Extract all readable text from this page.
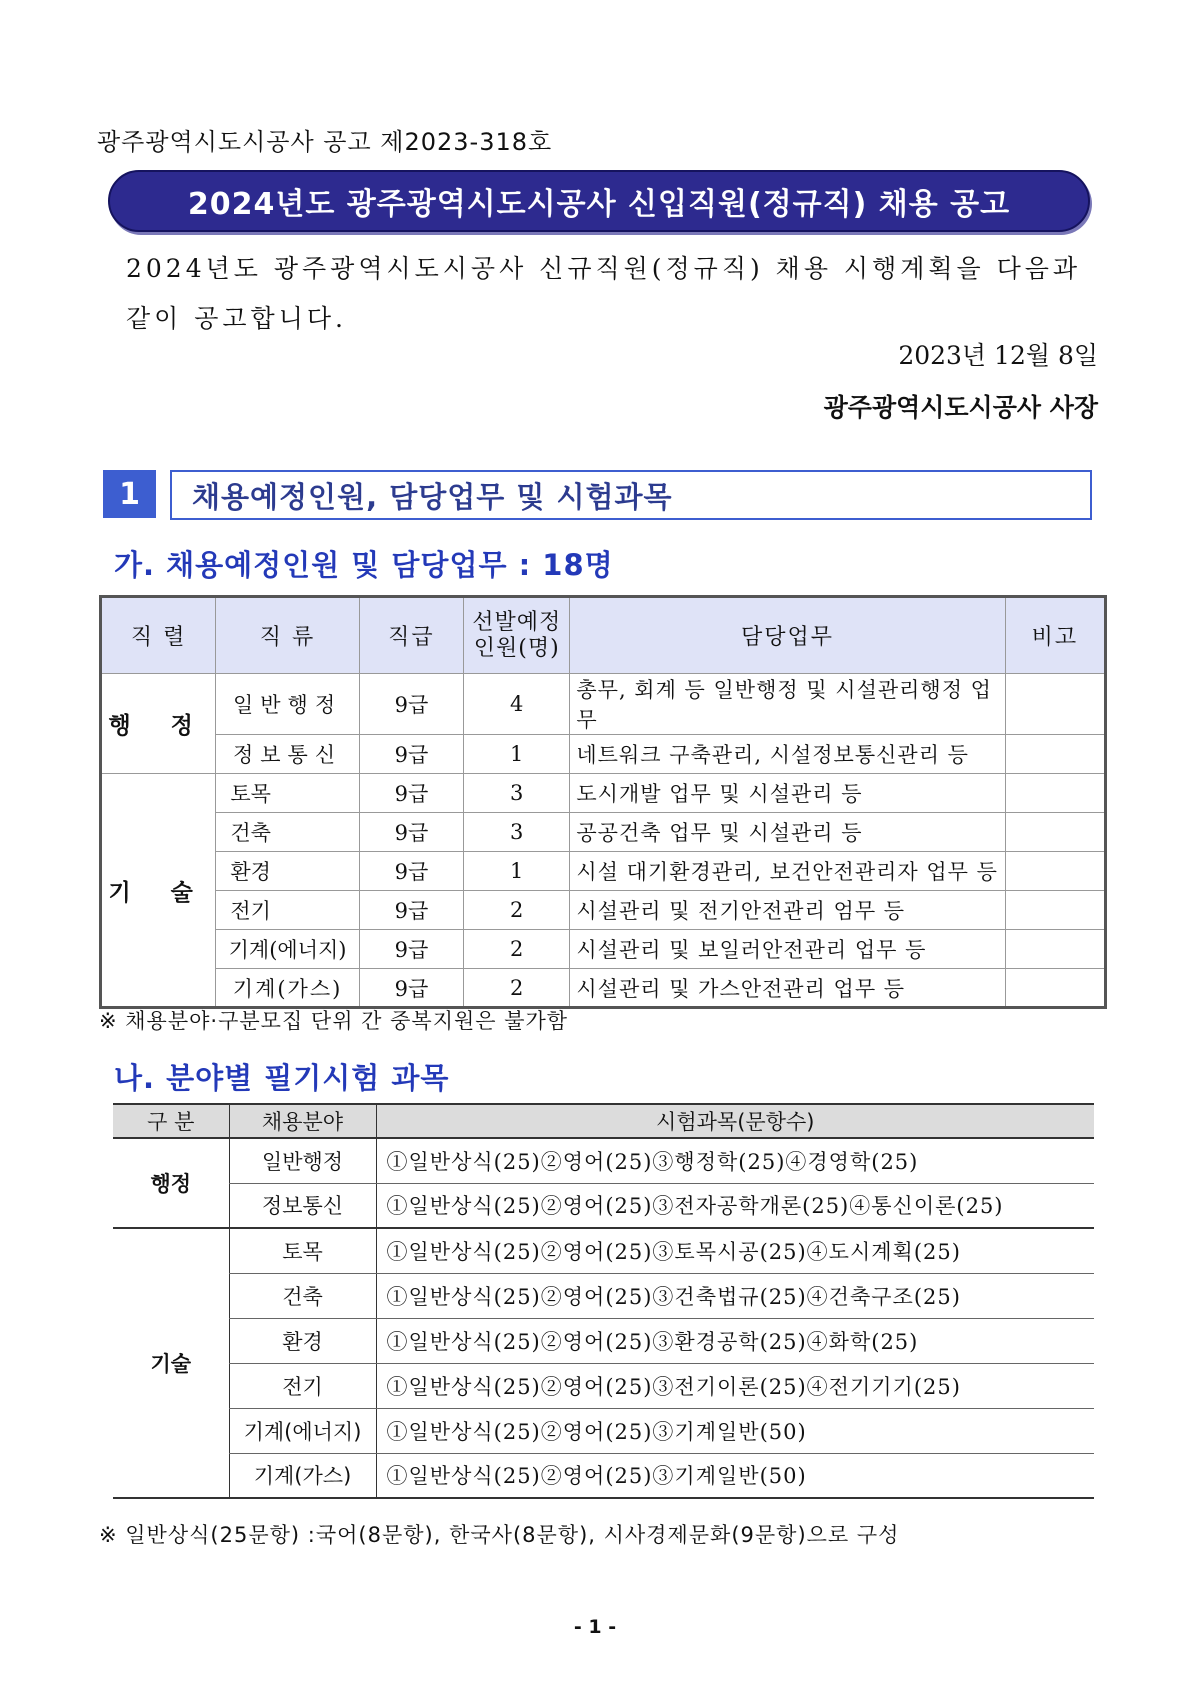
광주광역시도시공사 공고 제2023-318호
2024년도 광주광역시도시공사 신입직원(정규직) 채용 공고
2024년도 광주광역시도시공사 신규직원(정규직) 채용 시행계획을 다음과 같이 공고합니다.
2023년 12월 8일
광주광역시도시공사 사장
1	채용예정인원, 담당업무 및 시험과목
가. 채용예정인원 및 담당업무 : 18명
직 렬	직 류	직급	선발예정 인원(명)	담당업무	비고
행 정	일반행정	9급	4	총무, 회계 등 일반행정 및 시설관리행정 업무	
	정보통신	9급	1	네트워크 구축관리, 시설정보통신관리 등	
기 술	토목	9급	3	도시개발 업무 및 시설관리 등	
	건축	9급	3	공공건축 업무 및 시설관리 등	
	환경	9급	1	시설 대기환경관리, 보건안전관리자 업무 등	
	전기	9급	2	시설관리 및 전기안전관리 엄무 등	
	기계(에너지)	9급	2	시설관리 및 보일러안전관리 업무 등	
	기계(가스)	9급	2	시설관리 및 가스안전관리 업무 등	
※ 채용분야·구분모집 단위 간 중복지원은 불가함
나. 분야별 필기시험 과목
구 분	채용분야	시험과목(문항수)
행정	일반행정	①일반상식(25)②영어(25)③행정학(25)④경영학(25)
	정보통신	①일반상식(25)②영어(25)③전자공학개론(25)④통신이론(25)
기술	토목	①일반상식(25)②영어(25)③토목시공(25)④도시계획(25)
	건축	①일반상식(25)②영어(25)③건축법규(25)④건축구조(25)
	환경	①일반상식(25)②영어(25)③환경공학(25)④화학(25)
	전기	①일반상식(25)②영어(25)③전기이론(25)④전기기기(25)
	기계(에너지)	①일반상식(25)②영어(25)③기계일반(50)
	기계(가스)	①일반상식(25)②영어(25)③기계일반(50)
※ 일반상식(25문항) :국어(8문항), 한국사(8문항), 시사경제문화(9문항)으로 구성
- 1 -
